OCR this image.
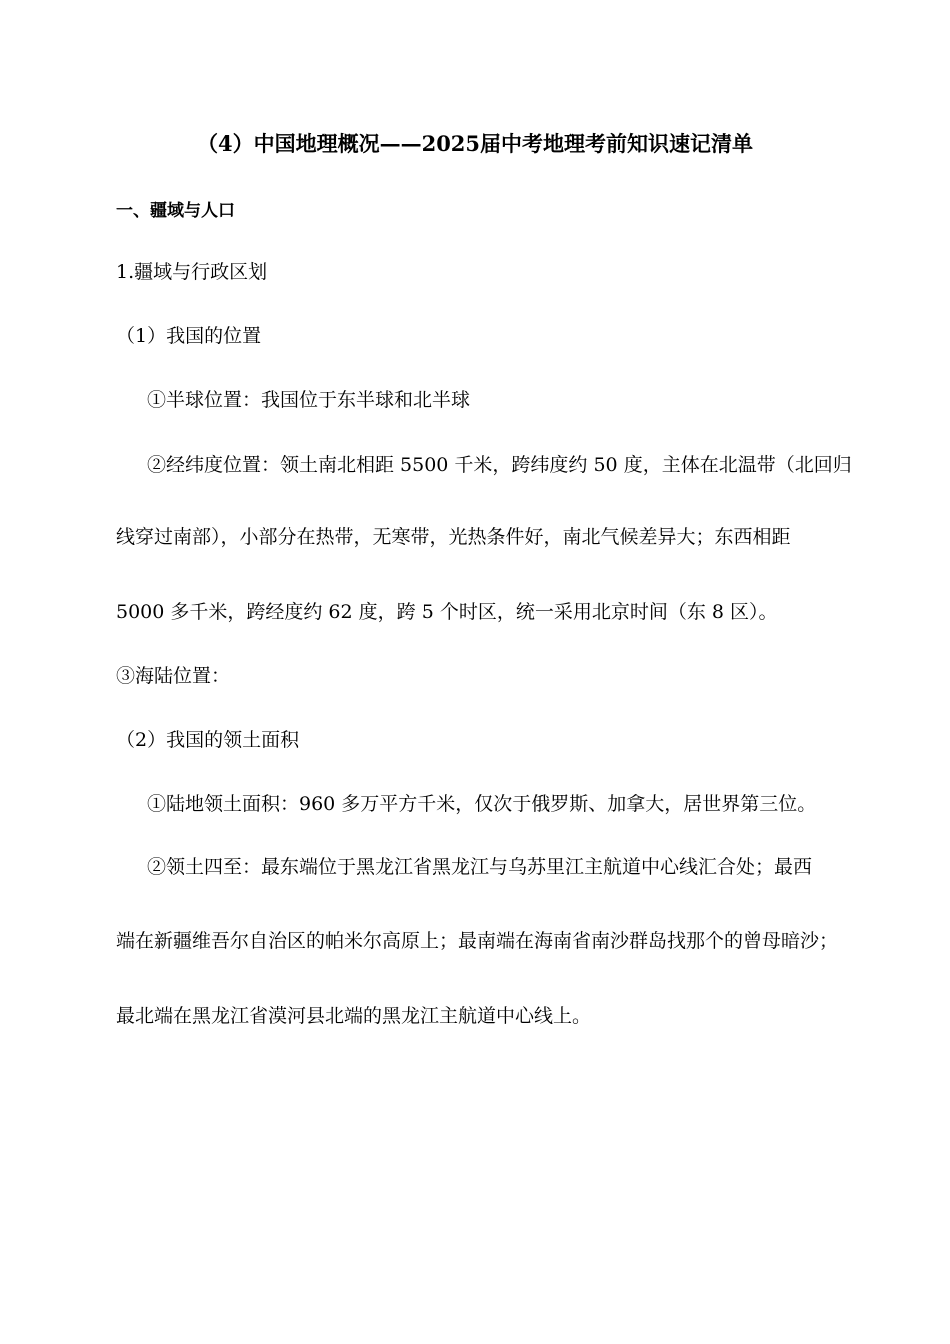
（4）中国地理概况——2025届中考地理考前知识速记清单
一、疆域与人口
1.疆域与行政区划
（1）我国的位置
①半球位置：我国位于东半球和北半球
②经纬度位置：领土南北相距 5500 千米，跨纬度约 50 度，主体在北温带（北回归
线穿过南部），小部分在热带，无寒带，光热条件好，南北气候差异大；东西相距
5000 多千米，跨经度约 62 度，跨 5 个时区，统一采用北京时间（东 8 区）。
③海陆位置：
（2）我国的领土面积
①陆地领土面积：960 多万平方千米，仅次于俄罗斯、加拿大，居世界第三位。
②领土四至：最东端位于黑龙江省黑龙江与乌苏里江主航道中心线汇合处；最西
端在新疆维吾尔自治区的帕米尔高原上；最南端在海南省南沙群岛找那个的曾母暗沙；
最北端在黑龙江省漠河县北端的黑龙江主航道中心线上。
